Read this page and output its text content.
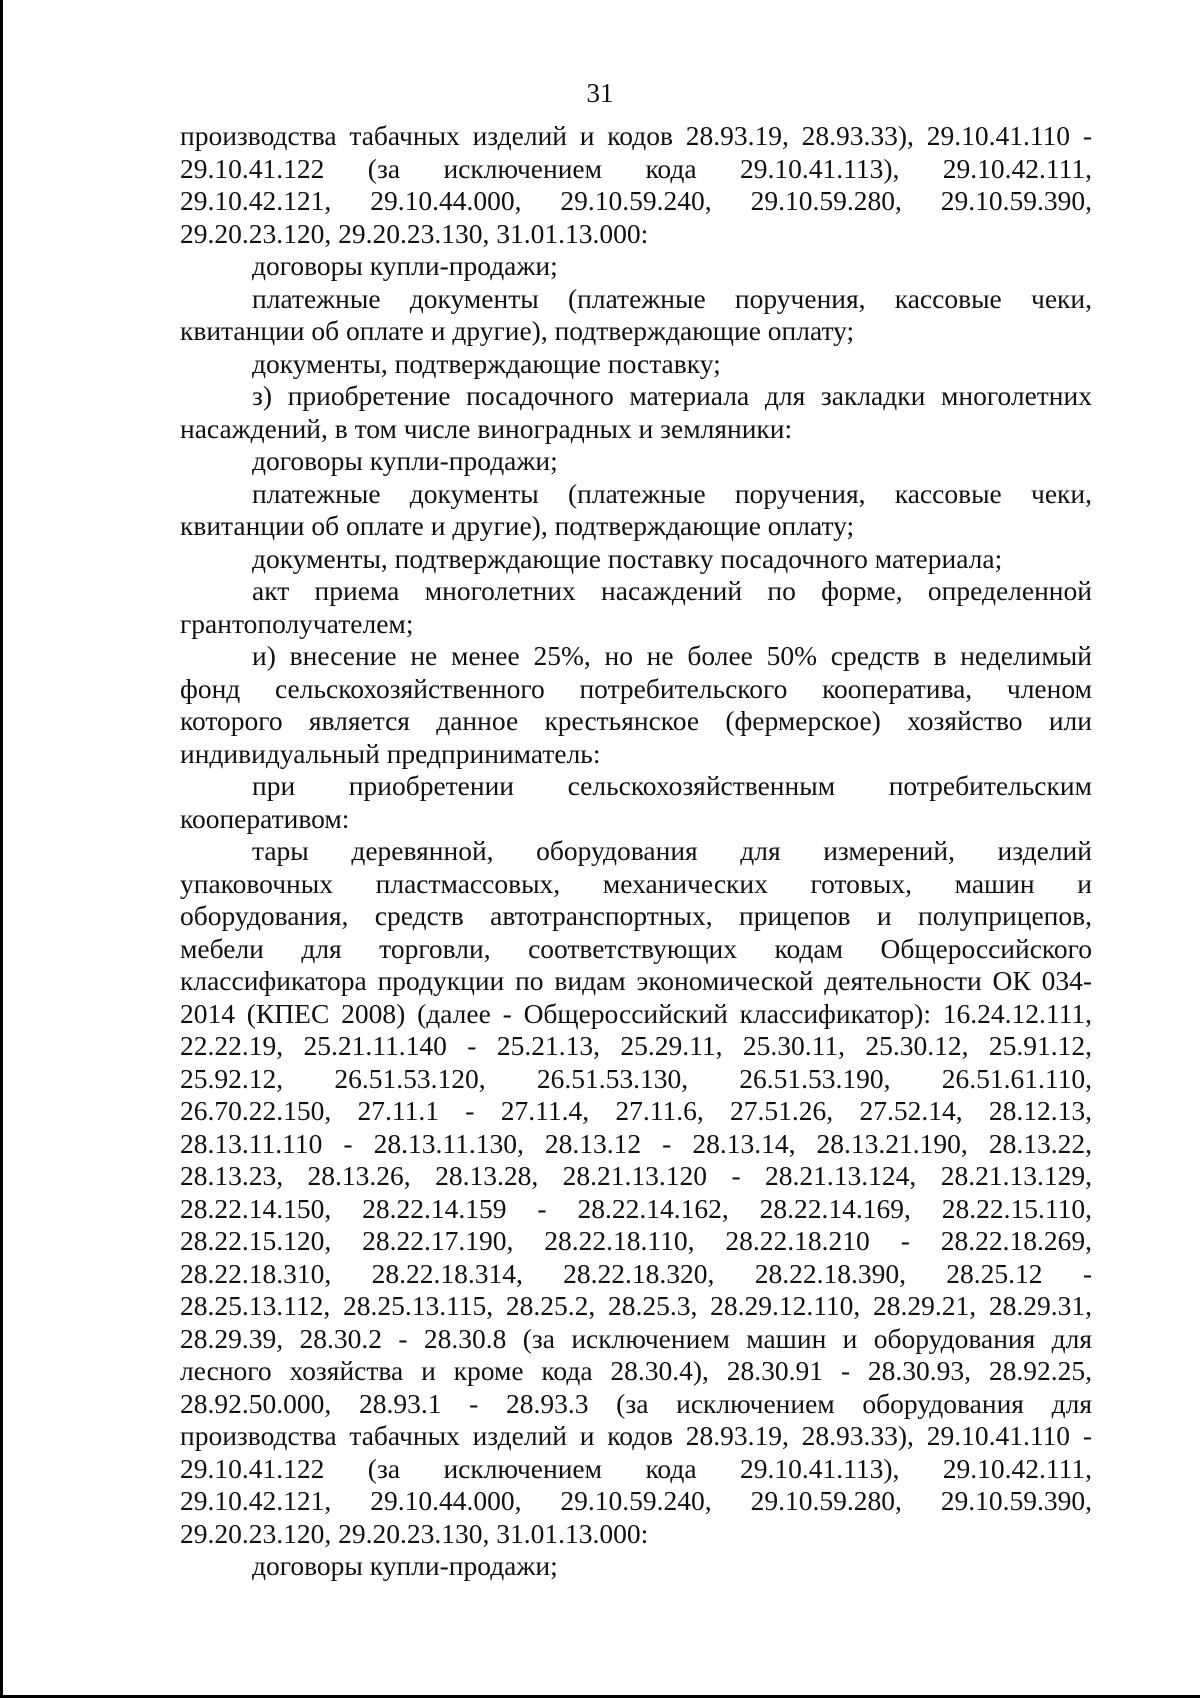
31
производства табачных изделий и кодов 28.93.19, 28.93.33), 29.10.41.110 -
29.10.41.122 (за исключением кода 29.10.41.113), 29.10.42.111,
29.10.42.121, 29.10.44.000, 29.10.59.240, 29.10.59.280, 29.10.59.390,
29.20.23.120, 29.20.23.130, 31.01.13.000:
договоры купли-продажи;
платежные документы (платежные поручения, кассовые чеки,
квитанции об оплате и другие), подтверждающие оплату;
документы, подтверждающие поставку;
з) приобретение посадочного материала для закладки многолетних
насаждений, в том числе виноградных и земляники:
договоры купли-продажи;
платежные документы (платежные поручения, кассовые чеки,
квитанции об оплате и другие), подтверждающие оплату;
документы, подтверждающие поставку посадочного материала;
акт приема многолетних насаждений по форме, определенной
грантополучателем;
и) внесение не менее 25%, но не более 50% средств в неделимый
фонд сельскохозяйственного потребительского кооператива, членом
которого является данное крестьянское (фермерское) хозяйство или
индивидуальный предприниматель:
при приобретении сельскохозяйственным потребительским
кооперативом:
тары деревянной, оборудования для измерений, изделий
упаковочных пластмассовых, механических готовых, машин и
оборудования, средств автотранспортных, прицепов и полуприцепов,
мебели для торговли, соответствующих кодам Общероссийского
классификатора продукции по видам экономической деятельности ОК 034-
2014 (КПЕС 2008) (далее - Общероссийский классификатор): 16.24.12.111,
22.22.19, 25.21.11.140 - 25.21.13, 25.29.11, 25.30.11, 25.30.12, 25.91.12,
25.92.12, 26.51.53.120, 26.51.53.130, 26.51.53.190, 26.51.61.110,
26.70.22.150, 27.11.1 - 27.11.4, 27.11.6, 27.51.26, 27.52.14, 28.12.13,
28.13.11.110 - 28.13.11.130, 28.13.12 - 28.13.14, 28.13.21.190, 28.13.22,
28.13.23, 28.13.26, 28.13.28, 28.21.13.120 - 28.21.13.124, 28.21.13.129,
28.22.14.150, 28.22.14.159 - 28.22.14.162, 28.22.14.169, 28.22.15.110,
28.22.15.120, 28.22.17.190, 28.22.18.110, 28.22.18.210 - 28.22.18.269,
28.22.18.310, 28.22.18.314, 28.22.18.320, 28.22.18.390, 28.25.12 -
28.25.13.112, 28.25.13.115, 28.25.2, 28.25.3, 28.29.12.110, 28.29.21, 28.29.31,
28.29.39, 28.30.2 - 28.30.8 (за исключением машин и оборудования для
лесного хозяйства и кроме кода 28.30.4), 28.30.91 - 28.30.93, 28.92.25,
28.92.50.000, 28.93.1 - 28.93.3 (за исключением оборудования для
производства табачных изделий и кодов 28.93.19, 28.93.33), 29.10.41.110 -
29.10.41.122 (за исключением кода 29.10.41.113), 29.10.42.111,
29.10.42.121, 29.10.44.000, 29.10.59.240, 29.10.59.280, 29.10.59.390,
29.20.23.120, 29.20.23.130, 31.01.13.000:
договоры купли-продажи;
